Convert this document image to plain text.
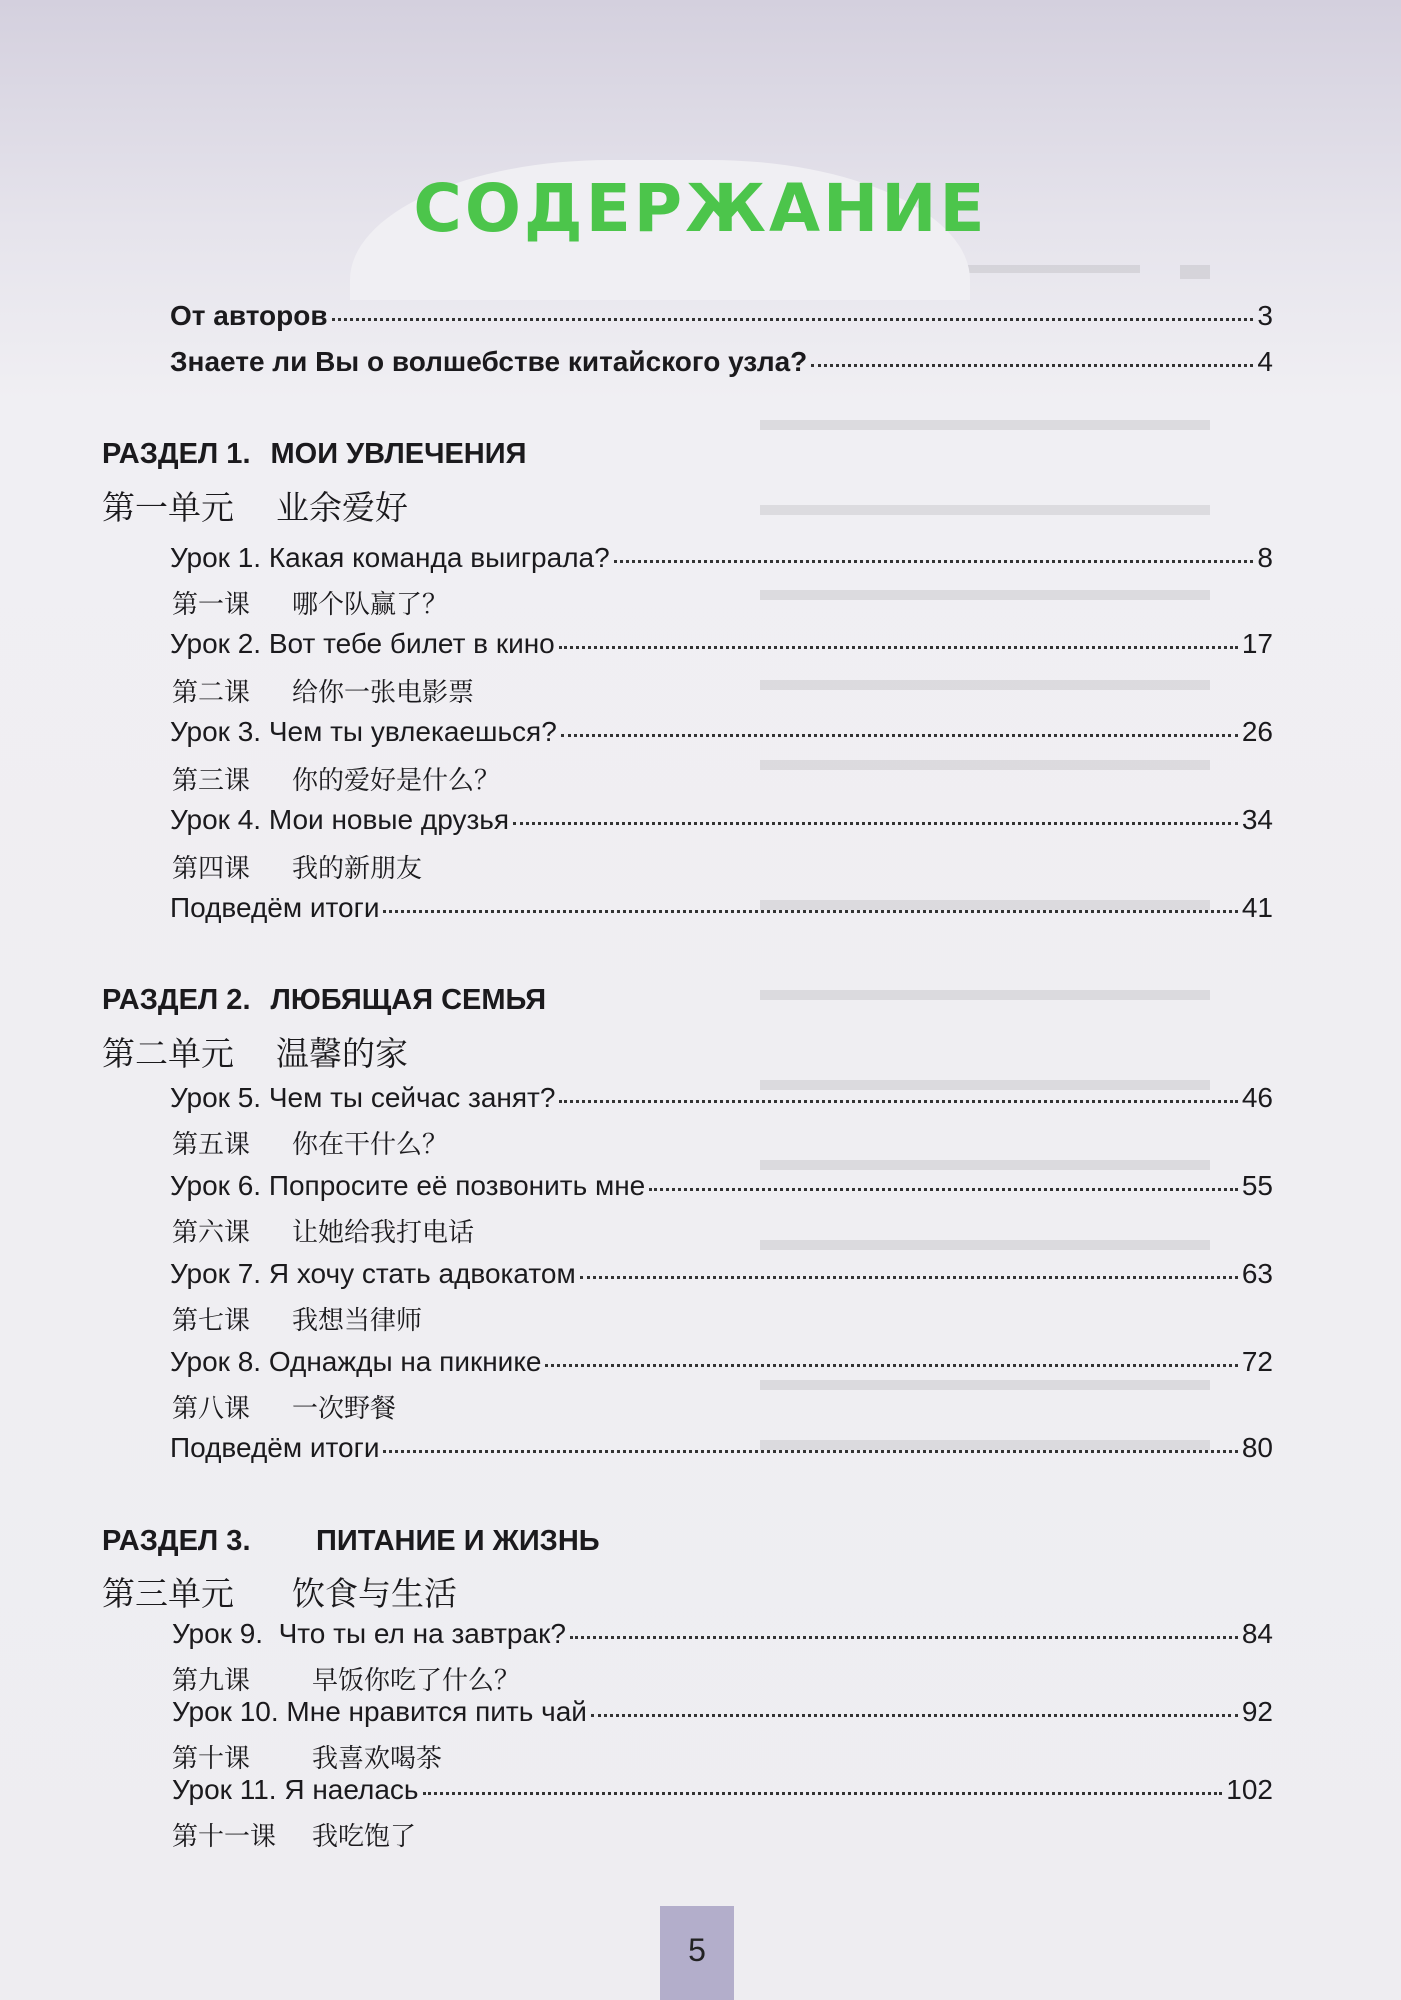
СОДЕРЖАНИЕ
От авторов	3
Знаете ли Вы о волшебстве китайского узла?	4
РАЗДЕЛ 1. МОИ УВЛЕЧЕНИЯ
第一单元 业余爱好
Урок 1. Какая команда выиграла?	8
第一课 哪个队赢了？
Урок 2. Вот тебе билет в кино	17
第二课 给你一张电影票
Урок 3. Чем ты увлекаешься?	26
第三课 你的爱好是什么？
Урок 4. Мои новые друзья	34
第四课 我的新朋友
Подведём итоги	41
РАЗДЕЛ 2. ЛЮБЯЩАЯ СЕМЬЯ
第二单元 温馨的家
Урок 5. Чем ты сейчас занят?	46
第五课 你在干什么？
Урок 6. Попросите её позвонить мне	55
第六课 让她给我打电话
Урок 7. Я хочу стать адвокатом	63
第七课 我想当律师
Урок 8. Однажды на пикнике	72
第八课 一次野餐
Подведём итоги	80
РАЗДЕЛ 3. ПИТАНИЕ И ЖИЗНЬ
第三单元 饮食与生活
Урок 9.  Что ты ел на завтрак?	84
第九课 早饭你吃了什么？
Урок 10. Мне нравится пить чай	92
第十课 我喜欢喝茶
Урок 11. Я наелась	102
第十一课 我吃饱了
5
